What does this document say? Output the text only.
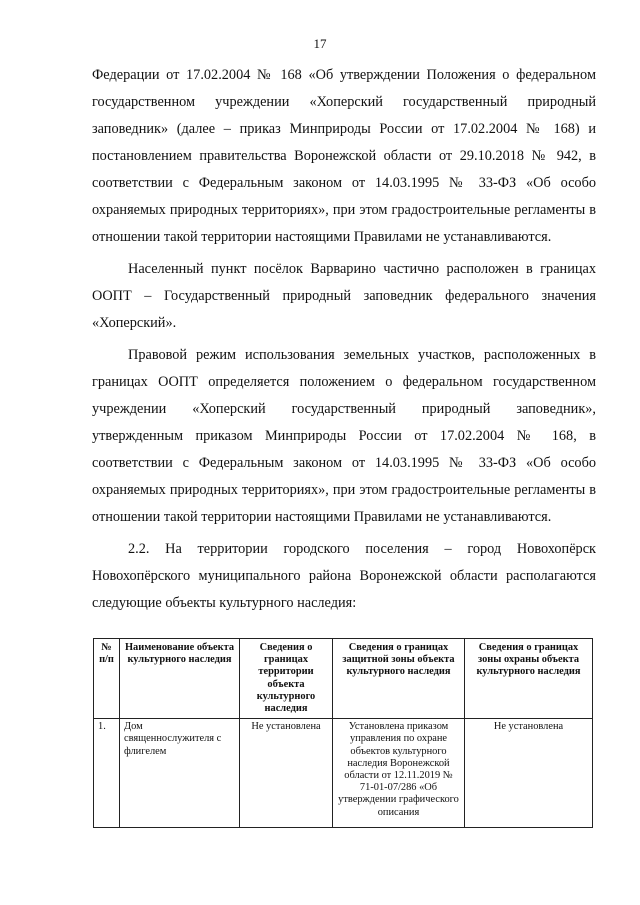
17

Федерации от 17.02.2004 № 168 «Об утверждении Положения о федеральном государственном учреждении «Хоперский государственный природный заповедник» (далее – приказ Минприроды России от 17.02.2004 № 168) и постановлением правительства Воронежской области от 29.10.2018 № 942, в соответствии с Федеральным законом от 14.03.1995 № 33-ФЗ «Об особо охраняемых природных территориях», при этом градостроительные регламенты в отношении такой территории настоящими Правилами не устанавливаются.

Населенный пункт посёлок Варварино частично расположен в границах ООПТ – Государственный природный заповедник федерального значения «Хоперский».

Правовой режим использования земельных участков, расположенных в границах ООПТ определяется положением о федеральном государственном учреждении «Хоперский государственный природный заповедник», утвержденным приказом Минприроды России от 17.02.2004 № 168, в соответствии с Федеральным законом от 14.03.1995 № 33-ФЗ «Об особо охраняемых природных территориях», при этом градостроительные регламенты в отношении такой территории настоящими Правилами не устанавливаются.

2.2. На территории городского поселения – город Новохопёрск Новохопёрского муниципального района Воронежской области располагаются следующие объекты культурного наследия:

№ п/п	Наименование объекта культурного наследия	Сведения о границах территории объекта культурного наследия	Сведения о границах защитной зоны объекта культурного наследия	Сведения о границах зоны охраны объекта культурного наследия
1.	Дом священнослужителя с флигелем	Не установлена	Установлена приказом управления по охране объектов культурного наследия Воронежской области от 12.11.2019 № 71-01-07/286 «Об утверждении графического описания	Не установлена
